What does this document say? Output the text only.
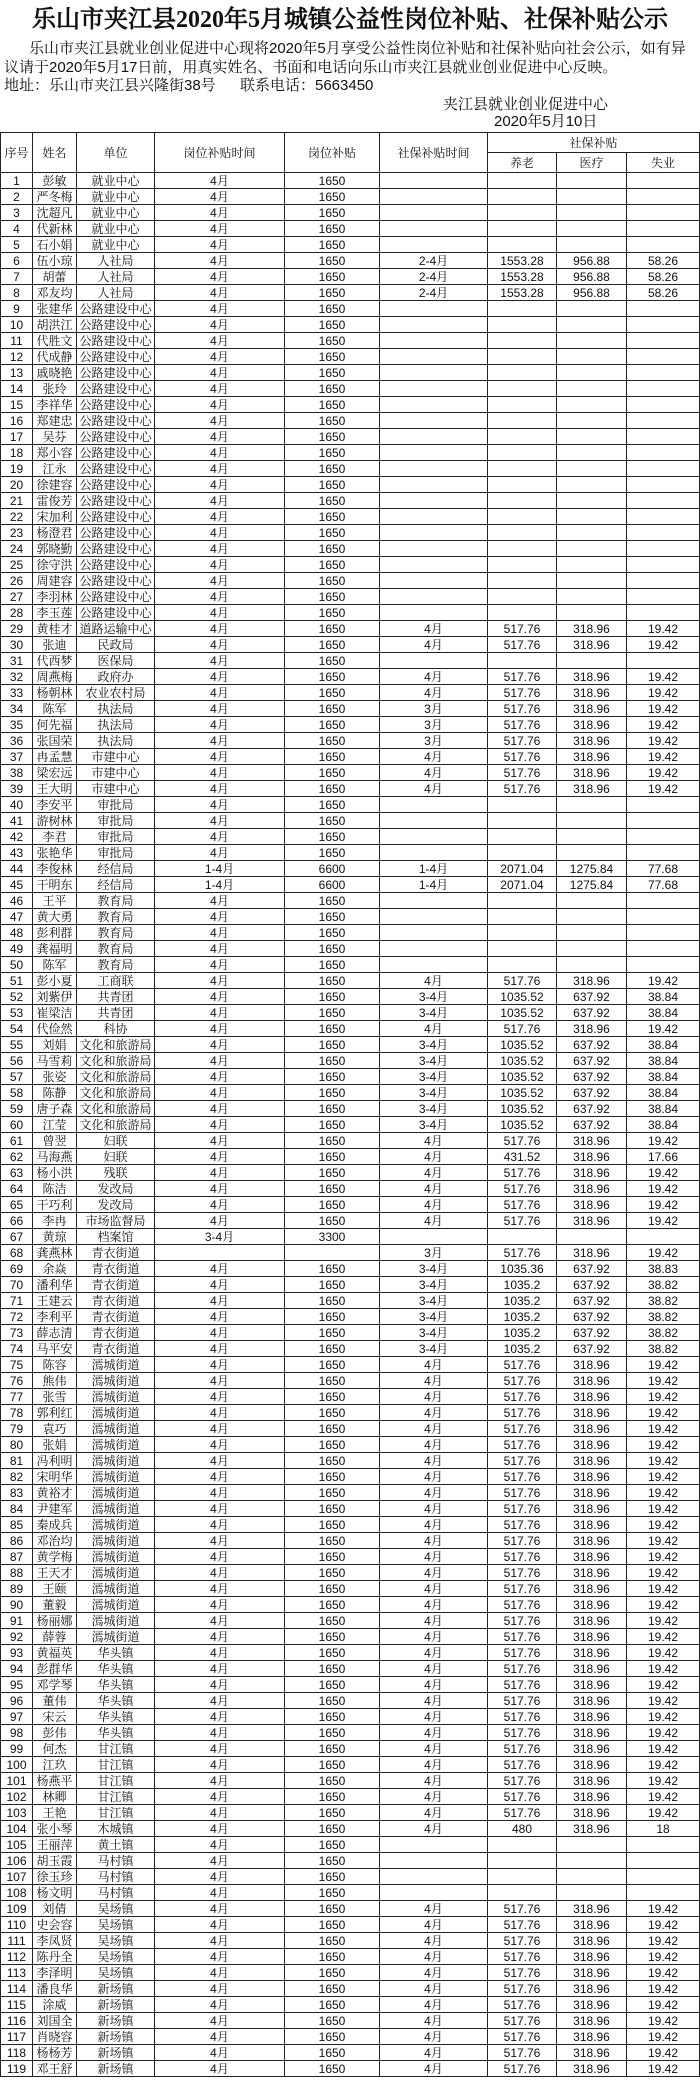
乐山市夹江县2020年5月城镇公益性岗位补贴、社保补贴公示
乐山市夹江县就业创业促进中心现将2020年5月享受公益性岗位补贴和社保补贴向社会公示，如有异
议请于2020年5月17日前，用真实姓名、书面和电话向乐山市夹江县就业创业促进中心反映。
地址：乐山市夹江县兴隆街38号 联系电话：5663450
夹江县就业创业促进中心
2020年5月10日
序号	姓名	单位	岗位补贴时间	岗位补贴	社保补贴时间	社保补贴		
						养老	医疗	失业
1	彭敏	就业中心	4月	1650				
2	严冬梅	就业中心	4月	1650				
3	沈超凡	就业中心	4月	1650				
4	代新林	就业中心	4月	1650				
5	石小娟	就业中心	4月	1650				
6	伍小琼	人社局	4月	1650	2-4月	1553.28	956.88	58.26
7	胡蕾	人社局	4月	1650	2-4月	1553.28	956.88	58.26
8	邓友均	人社局	4月	1650	2-4月	1553.28	956.88	58.26
9	张建华	公路建设中心	4月	1650				
10	胡洪江	公路建设中心	4月	1650				
11	代胜文	公路建设中心	4月	1650				
12	代成静	公路建设中心	4月	1650				
13	戚晓艳	公路建设中心	4月	1650				
14	张玲	公路建设中心	4月	1650				
15	李祥华	公路建设中心	4月	1650				
16	郑建忠	公路建设中心	4月	1650				
17	吴芬	公路建设中心	4月	1650				
18	郑小容	公路建设中心	4月	1650				
19	江永	公路建设中心	4月	1650				
20	徐建容	公路建设中心	4月	1650				
21	雷俊芳	公路建设中心	4月	1650				
22	宋加利	公路建设中心	4月	1650				
23	杨澄君	公路建设中心	4月	1650				
24	郭晓勤	公路建设中心	4月	1650				
25	徐守洪	公路建设中心	4月	1650				
26	周建容	公路建设中心	4月	1650				
27	李羽林	公路建设中心	4月	1650				
28	李玉莲	公路建设中心	4月	1650				
29	黄桂才	道路运输中心	4月	1650	4月	517.76	318.96	19.42
30	张迪	民政局	4月	1650	4月	517.76	318.96	19.42
31	代西梦	医保局	4月	1650				
32	周燕梅	政府办	4月	1650	4月	517.76	318.96	19.42
33	杨朝林	农业农村局	4月	1650	4月	517.76	318.96	19.42
34	陈军	执法局	4月	1650	3月	517.76	318.96	19.42
35	何先福	执法局	4月	1650	3月	517.76	318.96	19.42
36	张国荣	执法局	4月	1650	3月	517.76	318.96	19.42
37	冉孟慧	市建中心	4月	1650	4月	517.76	318.96	19.42
38	梁宏远	市建中心	4月	1650	4月	517.76	318.96	19.42
39	王大明	市建中心	4月	1650	4月	517.76	318.96	19.42
40	李安平	审批局	4月	1650				
41	游树林	审批局	4月	1650				
42	李君	审批局	4月	1650				
43	张艳华	审批局	4月	1650				
44	李俊林	经信局	1-4月	6600	1-4月	2071.04	1275.84	77.68
45	干明东	经信局	1-4月	6600	1-4月	2071.04	1275.84	77.68
46	王平	教育局	4月	1650				
47	黄大勇	教育局	4月	1650				
48	彭利群	教育局	4月	1650				
49	龚福明	教育局	4月	1650				
50	陈军	教育局	4月	1650				
51	彭小夏	工商联	4月	1650	4月	517.76	318.96	19.42
52	刘紫伊	共青团	4月	1650	3-4月	1035.52	637.92	38.84
53	崔梁洁	共青团	4月	1650	3-4月	1035.52	637.92	38.84
54	代俭然	科协	4月	1650	4月	517.76	318.96	19.42
55	刘娟	文化和旅游局	4月	1650	3-4月	1035.52	637.92	38.84
56	马雪莉	文化和旅游局	4月	1650	3-4月	1035.52	637.92	38.84
57	张姿	文化和旅游局	4月	1650	3-4月	1035.52	637.92	38.84
58	陈静	文化和旅游局	4月	1650	3-4月	1035.52	637.92	38.84
59	唐子森	文化和旅游局	4月	1650	3-4月	1035.52	637.92	38.84
60	江莹	文化和旅游局	4月	1650	3-4月	1035.52	637.92	38.84
61	曾翌	妇联	4月	1650	4月	517.76	318.96	19.42
62	马海燕	妇联	4月	1650	4月	431.52	318.96	17.66
63	杨小洪	残联	4月	1650	4月	517.76	318.96	19.42
64	陈洁	发改局	4月	1650	4月	517.76	318.96	19.42
65	干巧利	发改局	4月	1650	4月	517.76	318.96	19.42
66	李冉	市场监督局	4月	1650	4月	517.76	318.96	19.42
67	黄琼	档案馆	3-4月	3300				
68	龚燕林	青衣街道			3月	517.76	318.96	19.42
69	余焱	青衣街道	4月	1650	3-4月	1035.36	637.92	38.83
70	潘利华	青衣街道	4月	1650	3-4月	1035.2	637.92	38.82
71	王建云	青衣街道	4月	1650	3-4月	1035.2	637.92	38.82
72	李利平	青衣街道	4月	1650	3-4月	1035.2	637.92	38.82
73	薛志清	青衣街道	4月	1650	3-4月	1035.2	637.92	38.82
74	马平安	青衣街道	4月	1650	3-4月	1035.2	637.92	38.82
75	陈容	漹城街道	4月	1650	4月	517.76	318.96	19.42
76	熊伟	漹城街道	4月	1650	4月	517.76	318.96	19.42
77	张雪	漹城街道	4月	1650	4月	517.76	318.96	19.42
78	郭利红	漹城街道	4月	1650	4月	517.76	318.96	19.42
79	袁巧	漹城街道	4月	1650	4月	517.76	318.96	19.42
80	张娟	漹城街道	4月	1650	4月	517.76	318.96	19.42
81	冯利明	漹城街道	4月	1650	4月	517.76	318.96	19.42
82	宋明华	漹城街道	4月	1650	4月	517.76	318.96	19.42
83	黄裕才	漹城街道	4月	1650	4月	517.76	318.96	19.42
84	尹建军	漹城街道	4月	1650	4月	517.76	318.96	19.42
85	秦成兵	漹城街道	4月	1650	4月	517.76	318.96	19.42
86	邓治均	漹城街道	4月	1650	4月	517.76	318.96	19.42
87	黄学梅	漹城街道	4月	1650	4月	517.76	318.96	19.42
88	王天才	漹城街道	4月	1650	4月	517.76	318.96	19.42
89	王颐	漹城街道	4月	1650	4月	517.76	318.96	19.42
90	董毅	漹城街道	4月	1650	4月	517.76	318.96	19.42
91	杨丽娜	漹城街道	4月	1650	4月	517.76	318.96	19.42
92	薛蓉	漹城街道	4月	1650	4月	517.76	318.96	19.42
93	黄福英	华头镇	4月	1650	4月	517.76	318.96	19.42
94	彭群华	华头镇	4月	1650	4月	517.76	318.96	19.42
95	邓学琴	华头镇	4月	1650	4月	517.76	318.96	19.42
96	董伟	华头镇	4月	1650	4月	517.76	318.96	19.42
97	宋云	华头镇	4月	1650	4月	517.76	318.96	19.42
98	彭伟	华头镇	4月	1650	4月	517.76	318.96	19.42
99	何杰	甘江镇	4月	1650	4月	517.76	318.96	19.42
100	江玖	甘江镇	4月	1650	4月	517.76	318.96	19.42
101	杨燕平	甘江镇	4月	1650	4月	517.76	318.96	19.42
102	林卿	甘江镇	4月	1650	4月	517.76	318.96	19.42
103	王艳	甘江镇	4月	1650	4月	517.76	318.96	19.42
104	张小琴	木城镇	4月	1650	4月	480	318.96	18
105	王丽萍	黄土镇	4月	1650				
106	胡玉霞	马村镇	4月	1650				
107	徐玉珍	马村镇	4月	1650				
108	杨文明	马村镇	4月	1650				
109	刘倩	吴场镇	4月	1650	4月	517.76	318.96	19.42
110	史会容	吴场镇	4月	1650	4月	517.76	318.96	19.42
111	李凤贤	吴场镇	4月	1650	4月	517.76	318.96	19.42
112	陈丹全	吴场镇	4月	1650	4月	517.76	318.96	19.42
113	李泽明	吴场镇	4月	1650	4月	517.76	318.96	19.42
114	潘良华	新场镇	4月	1650	4月	517.76	318.96	19.42
115	涂威	新场镇	4月	1650	4月	517.76	318.96	19.42
116	刘国全	新场镇	4月	1650	4月	517.76	318.96	19.42
117	肖晓容	新场镇	4月	1650	4月	517.76	318.96	19.42
118	杨杨芳	新场镇	4月	1650	4月	517.76	318.96	19.42
119	邓王舒	新场镇	4月	1650	4月	517.76	318.96	19.42
